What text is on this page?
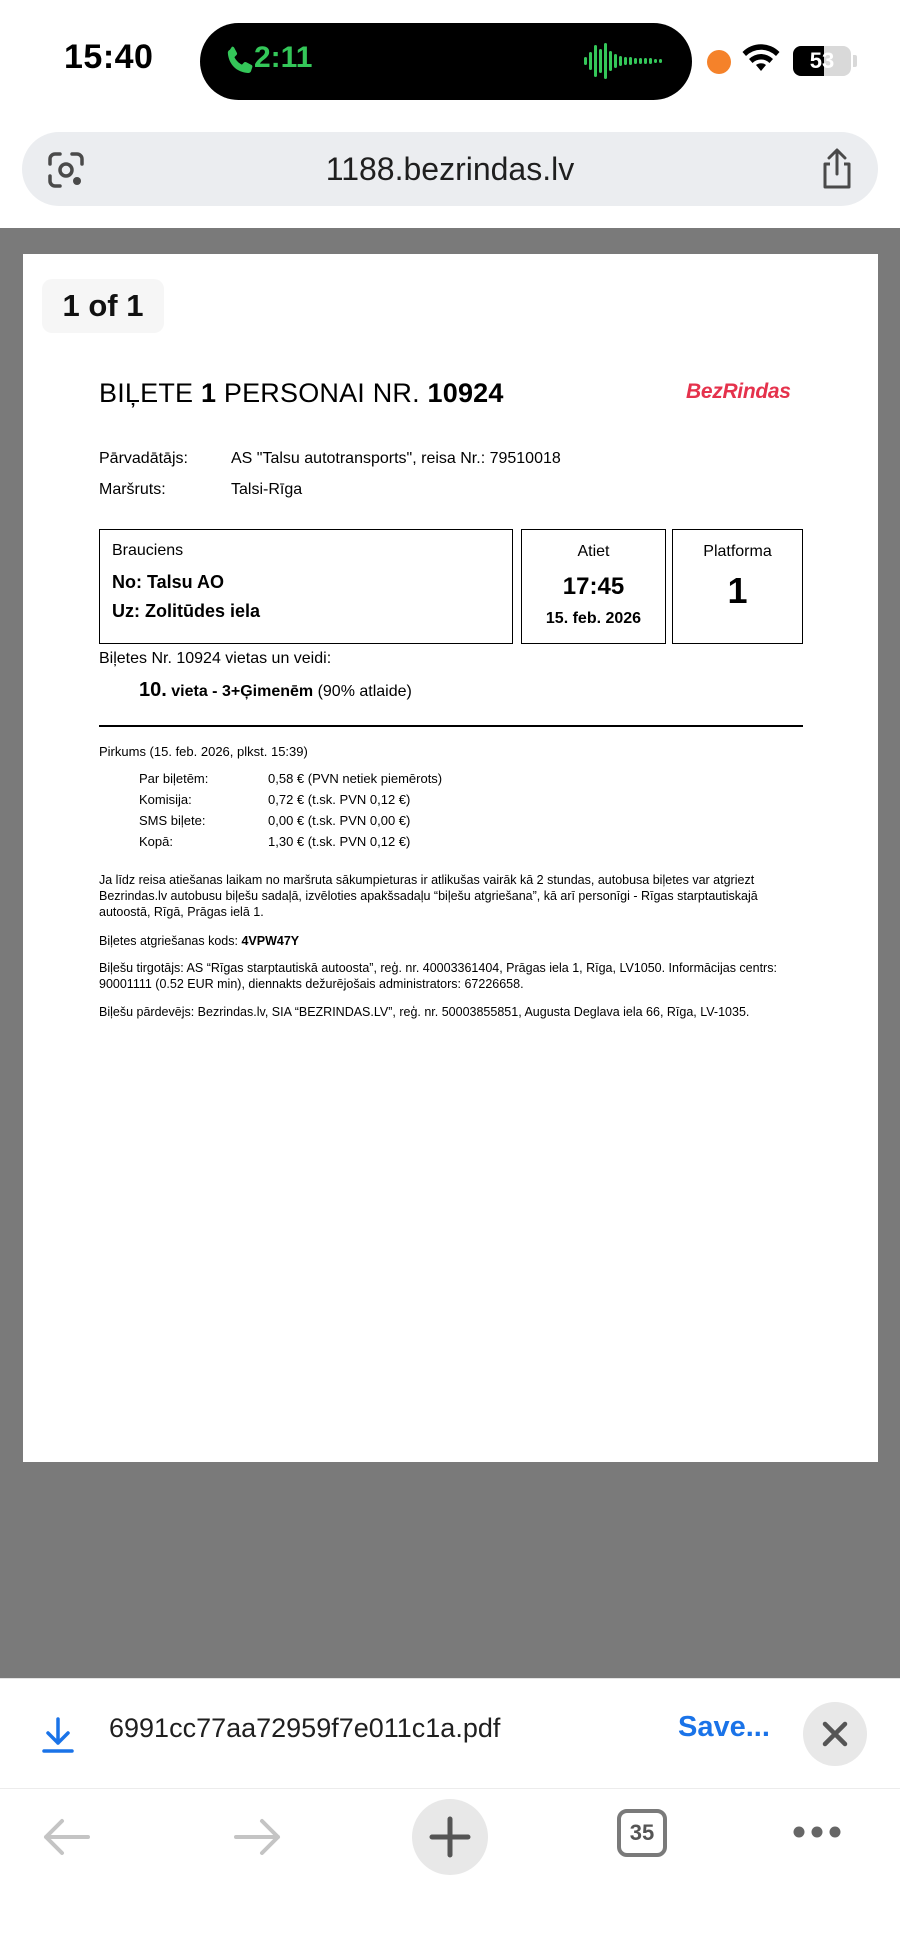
15:40	2:11	53
1188.bezrindas.lv
BIĻETE 1 PERSONAI NR. 10924	BezRindas
Pārvadātājs:	AS "Talsu autotransports", reisa Nr.: 79510018
Maršruts:	Talsi-Rīga
Brauciens
No: Talsu AO
Uz: Zolitūdes iela
Atiet
17:45
15. feb. 2026
Platforma
1
Biļetes Nr. 10924 vietas un veidi:
10. vieta - 3+Ģimenēm (90% atlaide)
Pirkums (15. feb. 2026, plkst. 15:39)
Par biļetēm:	0,58 € (PVN netiek piemērots)
Komisija:	0,72 € (t.sk. PVN 0,12 €)
SMS biļete:	0,00 € (t.sk. PVN 0,00 €)
Kopā:	1,30 € (t.sk. PVN 0,12 €)
Ja līdz reisa atiešanas laikam no maršruta sākumpieturas ir atlikušas vairāk kā 2 stundas, autobusa biļetes var atgriezt Bezrindas.lv autobusu biļešu sadaļā, izvēloties apakšsadaļu “biļešu atgriešana”, kā arī personīgi - Rīgas starptautiskajā autoostā, Rīgā, Prāgas ielā 1.
Biļetes atgriešanas kods: 4VPW47Y
Biļešu tirgotājs: AS “Rīgas starptautiskā autoosta”, reģ. nr. 40003361404, Prāgas iela 1, Rīga, LV1050. Informācijas centrs: 90001111 (0.52 EUR min), diennakts dežurējošais administrators: 67226658.
Biļešu pārdevējs: Bezrindas.lv, SIA “BEZRINDAS.LV”, reģ. nr. 50003855851, Augusta Deglava iela 66, Rīga, LV-1035.
1 of 1
6991cc77aa72959f7e011c1a.pdf	Save...
35
